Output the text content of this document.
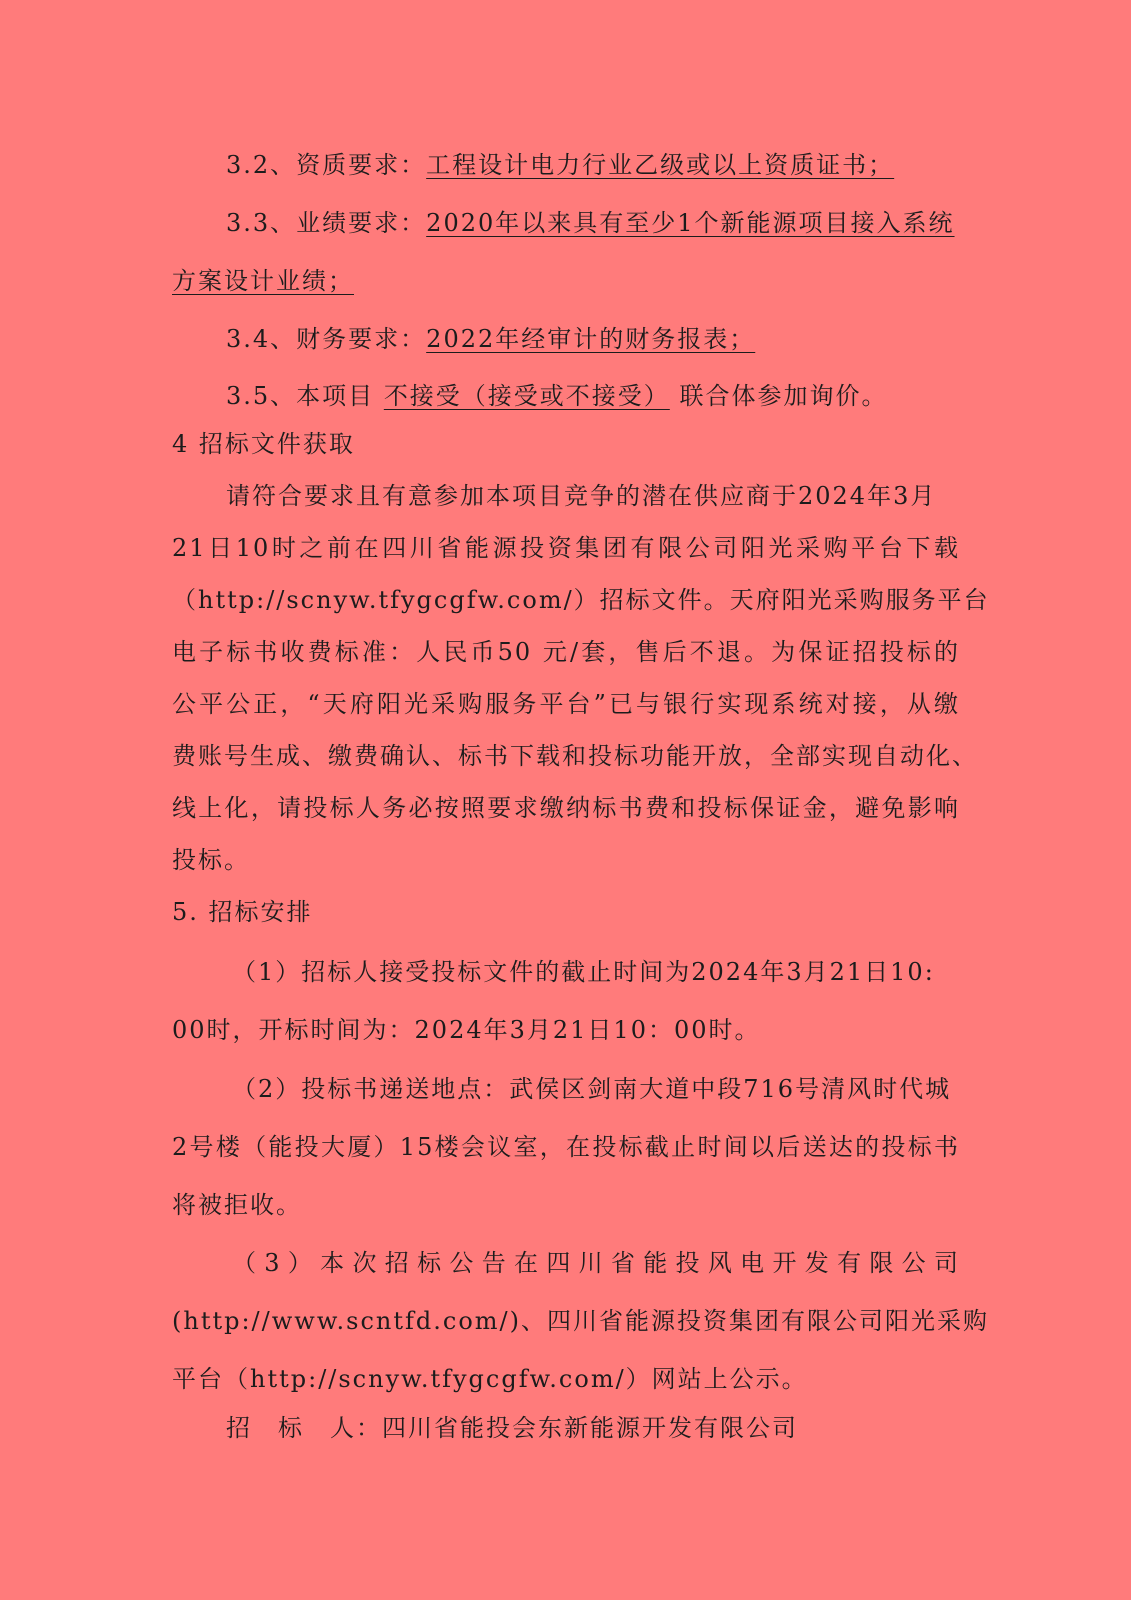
3.2、资质要求：工程设计电力行业乙级或以上资质证书；
3.3、业绩要求：2020年以来具有至少1个新能源项目接入系统
方案设计业绩；
3.4、财务要求：2022年经审计的财务报表；
3.5、本项目 不接受（接受或不接受） 联合体参加询价。
4 招标文件获取
请符合要求且有意参加本项目竞争的潜在供应商于2024年3月
21日10时之前在四川省能源投资集团有限公司阳光采购平台下载
（http://scnyw.tfygcgfw.com/）招标文件。天府阳光采购服务平台
电子标书收费标准：人民币50 元/套，售后不退。为保证招投标的
公平公正，“天府阳光采购服务平台”已与银行实现系统对接，从缴
费账号生成、缴费确认、标书下载和投标功能开放，全部实现自动化、
线上化，请投标人务必按照要求缴纳标书费和投标保证金，避免影响
投标。
5. 招标安排
（1）招标人接受投标文件的截止时间为2024年3月21日10:
00时，开标时间为：2024年3月21日10：00时。
（2）投标书递送地点：武侯区剑南大道中段716号清风时代城
2号楼（能投大厦）15楼会议室，在投标截止时间以后送达的投标书
将被拒收。
（3）本次招标公告在四川省能投风电开发有限公司
(http://www.scntfd.com/)、四川省能源投资集团有限公司阳光采购
平台（http://scnyw.tfygcgfw.com/）网站上公示。
招　标　人：四川省能投会东新能源开发有限公司
